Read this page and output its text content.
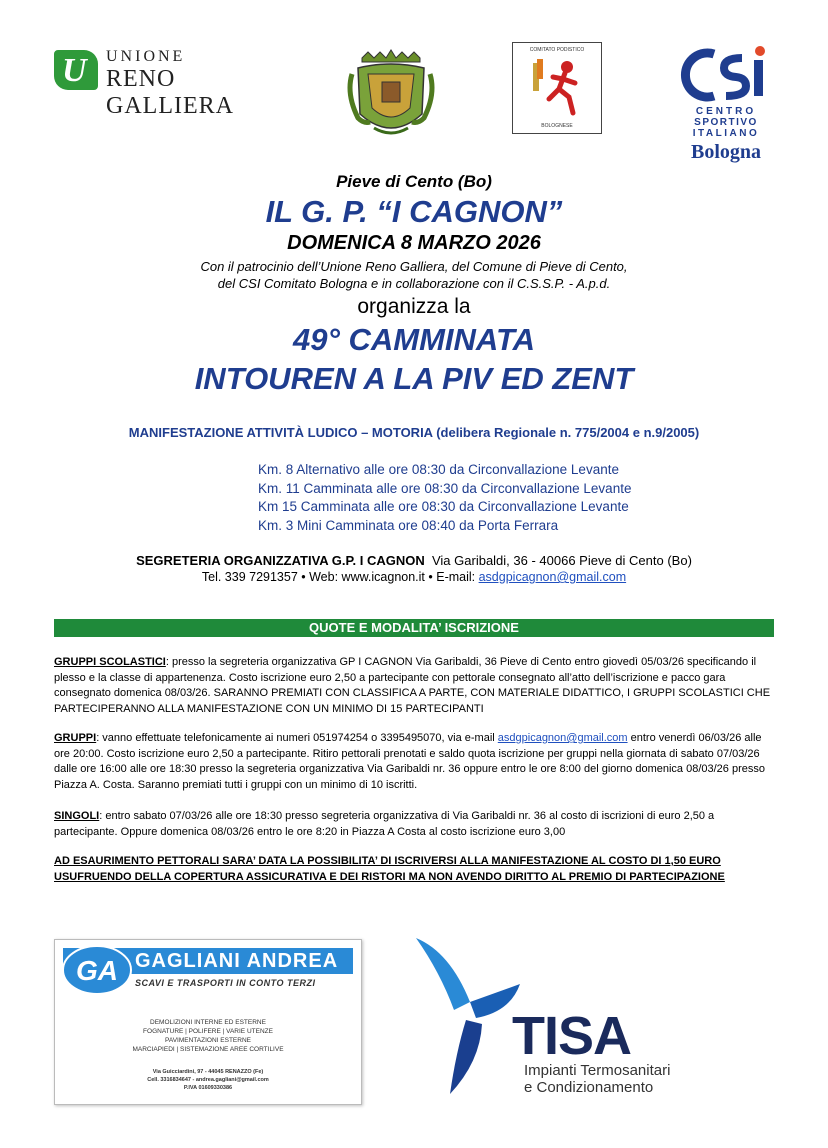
U UNIONE
RENO GALLIERA
COMITATO PODISTICO
BOLOGNESE
CENTRO
SPORTIVO
ITALIANO
Bologna
Pieve di Cento (Bo)
IL G. P. “I CAGNON”
DOMENICA 8 MARZO 2026
Con il patrocinio dell’Unione Reno Galliera, del Comune di Pieve di Cento,
del CSI Comitato Bologna e in collaborazione con il C.S.S.P. - A.p.d.
organizza la
49° CAMMINATA
INTOUREN A LA PIV ED ZENT
MANIFESTAZIONE ATTIVITÀ LUDICO – MOTORIA (delibera Regionale n. 775/2004 e n.9/2005)
Km. 8 Alternativo alle ore 08:30 da Circonvallazione Levante
Km. 11 Camminata alle ore 08:30 da Circonvallazione Levante
Km 15 Camminata alle ore 08:30 da Circonvallazione Levante
Km. 3 Mini Camminata ore 08:40 da Porta Ferrara
SEGRETERIA ORGANIZZATIVA G.P. I CAGNON Via Garibaldi, 36 - 40066 Pieve di Cento (Bo)
Tel. 339 7291357 • Web: www.icagnon.it • E-mail: asdgpicagnon@gmail.com
QUOTE E MODALITA’ ISCRIZIONE
GRUPPI SCOLASTICI: presso la segreteria organizzativa GP I CAGNON Via Garibaldi, 36 Pieve di Cento entro giovedì 05/03/26 specificando il plesso e la classe di appartenenza. Costo iscrizione euro 2,50 a partecipante con pettorale consegnato all’atto dell’iscrizione e pacco gara consegnato domenica 08/03/26. SARANNO PREMIATI CON CLASSIFICA A PARTE, CON MATERIALE DIDATTICO, I GRUPPI SCOLASTICI CHE PARTECIPERANNO ALLA MANIFESTAZIONE CON UN MINIMO DI 15 PARTECIPANTI
GRUPPI: vanno effettuate telefonicamente ai numeri 051974254 o 3395495070, via e-mail asdgpicagnon@gmail.com entro venerdì 06/03/26 alle ore 20:00. Costo iscrizione euro 2,50 a partecipante. Ritiro pettorali prenotati e saldo quota iscrizione per gruppi nella giornata di sabato 07/03/26 dalle ore 16:00 alle ore 18:30 presso la segreteria organizzativa Via Garibaldi nr. 36 oppure entro le ore 8:00 del giorno domenica 08/03/26 presso Piazza A. Costa. Saranno premiati tutti i gruppi con un minimo di 10 iscritti.
SINGOLI: entro sabato 07/03/26 alle ore 18:30 presso segreteria organizzativa di Via Garibaldi nr. 36 al costo di iscrizioni di euro 2,50 a partecipante. Oppure domenica 08/03/26 entro le ore 8:20 in Piazza A Costa al costo iscrizione euro 3,00
AD ESAURIMENTO PETTORALI SARA’ DATA LA POSSIBILITA’ DI ISCRIVERSI ALLA MANIFESTAZIONE AL COSTO DI 1,50 EURO USUFRUENDO DELLA COPERTURA ASSICURATIVA E DEI RISTORI MA NON AVENDO DIRITTO AL PREMIO DI PARTECIPAZIONE
GA GAGLIANI ANDREA
SCAVI E TRASPORTI IN CONTO TERZI
DEMOLIZIONI INTERNE ED ESTERNE
FOGNATURE | POLIFERE | VARIE UTENZE
PAVIMENTAZIONI ESTERNE
MARCIAPIEDI | SISTEMAZIONE AREE CORTILIVE
Via Guicciardini, 97 - 44045 RENAZZO (Fe)
Cell. 3316834647 - andrea.gagliani@gmail.com
P.IVA 01609330386
TISA
Impianti Termosanitari
e Condizionamento
